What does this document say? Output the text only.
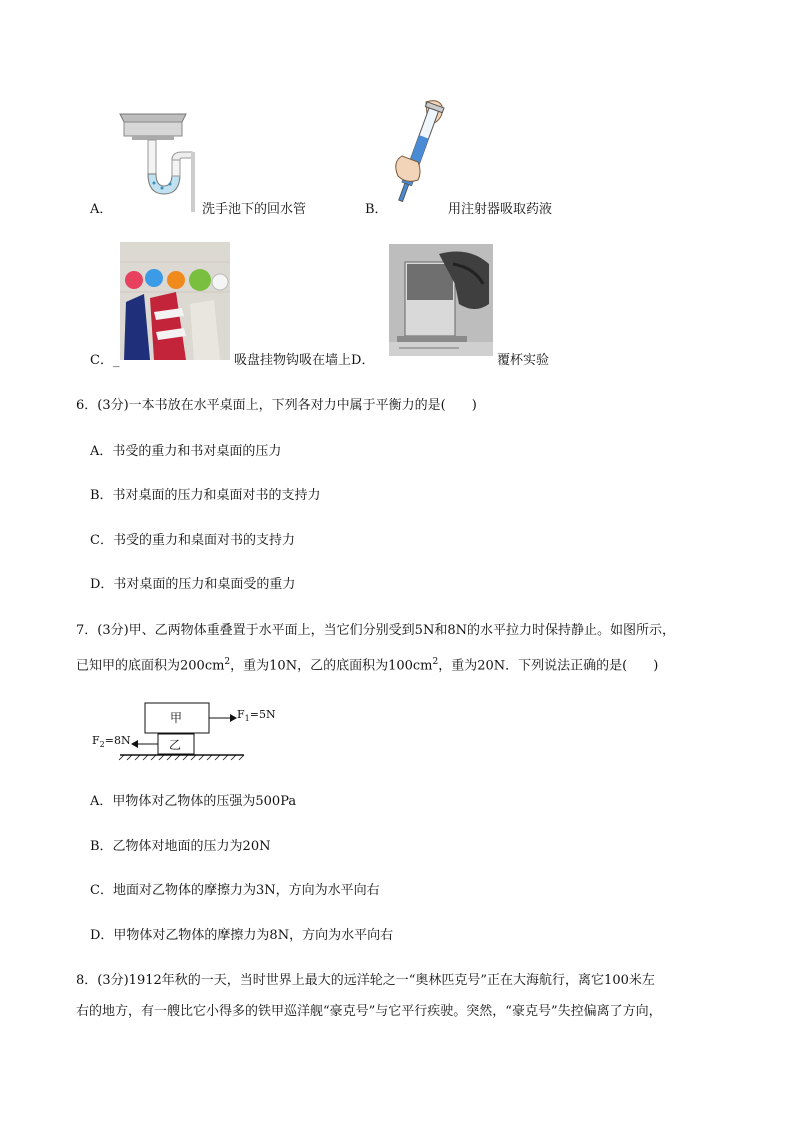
A．	洗手池下的回水管	B．	用注射器吸取药液
C．_	吸盘挂物钩吸在墙上D．	覆杯实验
6．(3分)一本书放在水平桌面上，下列各对力中属于平衡力的是(　　)
A．书受的重力和书对桌面的压力
B．书对桌面的压力和桌面对书的支持力
C．书受的重力和桌面对书的支持力
D．书对桌面的压力和桌面受的重力
7．(3分)甲、乙两物体重叠置于水平面上，当它们分别受到5N和8N的水平拉力时保持静止。如图所示，
已知甲的底面积为$200cm^2$，重为10N，乙的底面积为$100cm^2$，重为20N．下列说法正确的是(　　)
甲
乙
$F_1=5N$
$F_2=8N$
A．甲物体对乙物体的压强为500Pa
B．乙物体对地面的压力为20N
C．地面对乙物体的摩擦力为3N，方向为水平向右
D．甲物体对乙物体的摩擦力为8N，方向为水平向右
8．(3分)1912年秋的一天，当时世界上最大的远洋轮之一“奥林匹克号”正在大海航行，离它100米左
右的地方，有一艘比它小得多的铁甲巡洋舰“豪克号”与它平行疾驶。突然，“豪克号”失控偏离了方向，
